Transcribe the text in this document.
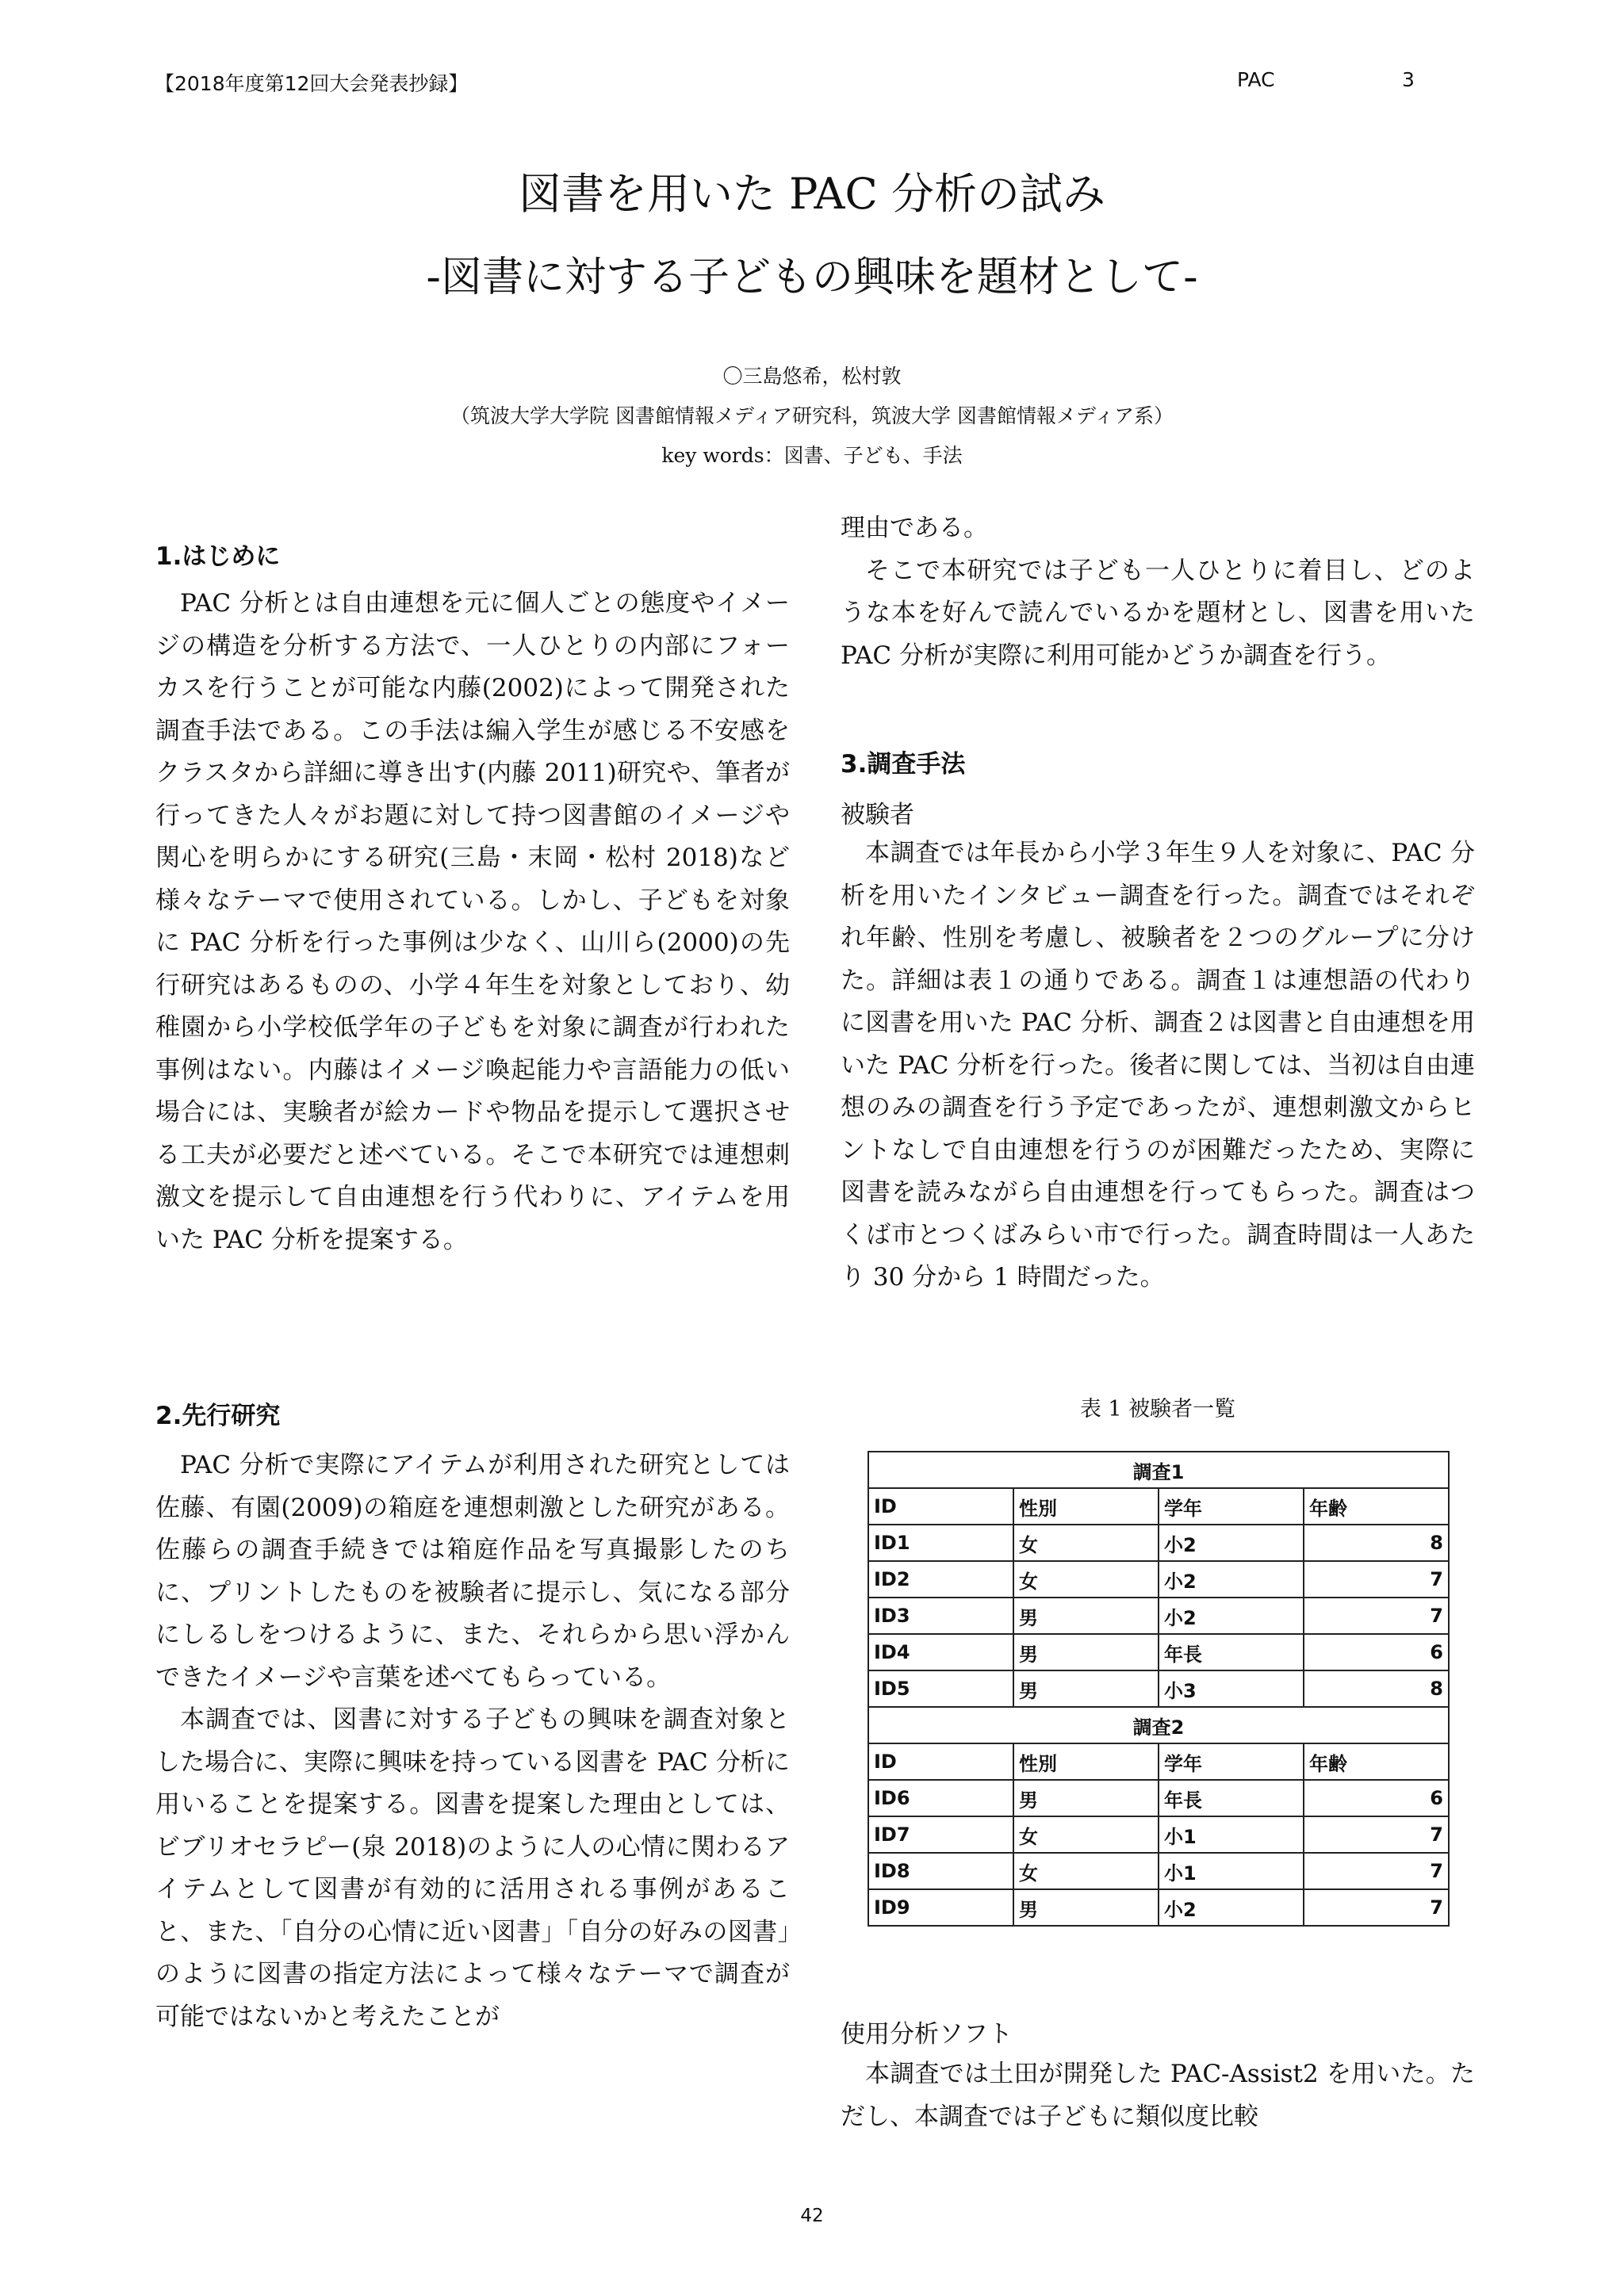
【2018年度第12回大会発表抄録】	PAC	3
図書を用いた PAC 分析の試み
-図書に対する子どもの興味を題材として-
〇三島悠希，松村敦
（筑波大学大学院 図書館情報メディア研究科，筑波大学 図書館情報メディア系）
key words：図書、子ども、手法
1.はじめに

PAC 分析とは自由連想を元に個人ごとの態度やイメージの構造を分析する方法で、一人ひとりの内部にフォーカスを行うことが可能な内藤(2002)によって開発された調査手法である。この手法は編入学生が感じる不安感をクラスタから詳細に導き出す(内藤 2011)研究や、筆者が行ってきた人々がお題に対して持つ図書館のイメージや関心を明らかにする研究(三島・末岡・松村 2018)など様々なテーマで使用されている。しかし、子どもを対象に PAC 分析を行った事例は少なく、山川ら(2000)の先行研究はあるものの、小学４年生を対象としており、幼稚園から小学校低学年の子どもを対象に調査が行われた事例はない。内藤はイメージ喚起能力や言語能力の低い場合には、実験者が絵カードや物品を提示して選択させる工夫が必要だと述べている。そこで本研究では連想刺激文を提示して自由連想を行う代わりに、アイテムを用いた PAC 分析を提案する。

2.先行研究

PAC 分析で実際にアイテムが利用された研究としては佐藤、有園(2009)の箱庭を連想刺激とした研究がある。佐藤らの調査手続きでは箱庭作品を写真撮影したのちに、プリントしたものを被験者に提示し、気になる部分にしるしをつけるように、また、それらから思い浮かんできたイメージや言葉を述べてもらっている。

本調査では、図書に対する子どもの興味を調査対象とした場合に、実際に興味を持っている図書を PAC 分析に用いることを提案する。図書を提案した理由としては、ビブリオセラピー(泉 2018)のように人の心情に関わるアイテムとして図書が有効的に活用される事例があること、また、「自分の心情に近い図書」「自分の好みの図書」のように図書の指定方法によって様々なテーマで調査が可能ではないかと考えたことが

理由である。

そこで本研究では子ども一人ひとりに着目し、どのような本を好んで読んでいるかを題材とし、図書を用いた PAC 分析が実際に利用可能かどうか調査を行う。

3.調査手法
被験者

本調査では年長から小学３年生９人を対象に、PAC 分析を用いたインタビュー調査を行った。調査ではそれぞれ年齢、性別を考慮し、被験者を２つのグループに分けた。詳細は表１の通りである。調査１は連想語の代わりに図書を用いた PAC 分析、調査２は図書と自由連想を用いた PAC 分析を行った。後者に関しては、当初は自由連想のみの調査を行う予定であったが、連想刺激文からヒントなしで自由連想を行うのが困難だったため、実際に図書を読みながら自由連想を行ってもらった。調査はつくば市とつくばみらい市で行った。調査時間は一人あたり 30 分から 1 時間だった。

表 1 被験者一覧
調査1			
ID	性別	学年	年齢
ID1	女	小2	8
ID2	女	小2	7
ID3	男	小2	7
ID4	男	年長	6
ID5	男	小3	8
調査2			
ID	性別	学年	年齢
ID6	男	年長	6
ID7	女	小1	7
ID8	女	小1	7
ID9	男	小2	7
使用分析ソフト

本調査では土田が開発した PAC-Assist2 を用いた。ただし、本調査では子どもに類似度比較

42
